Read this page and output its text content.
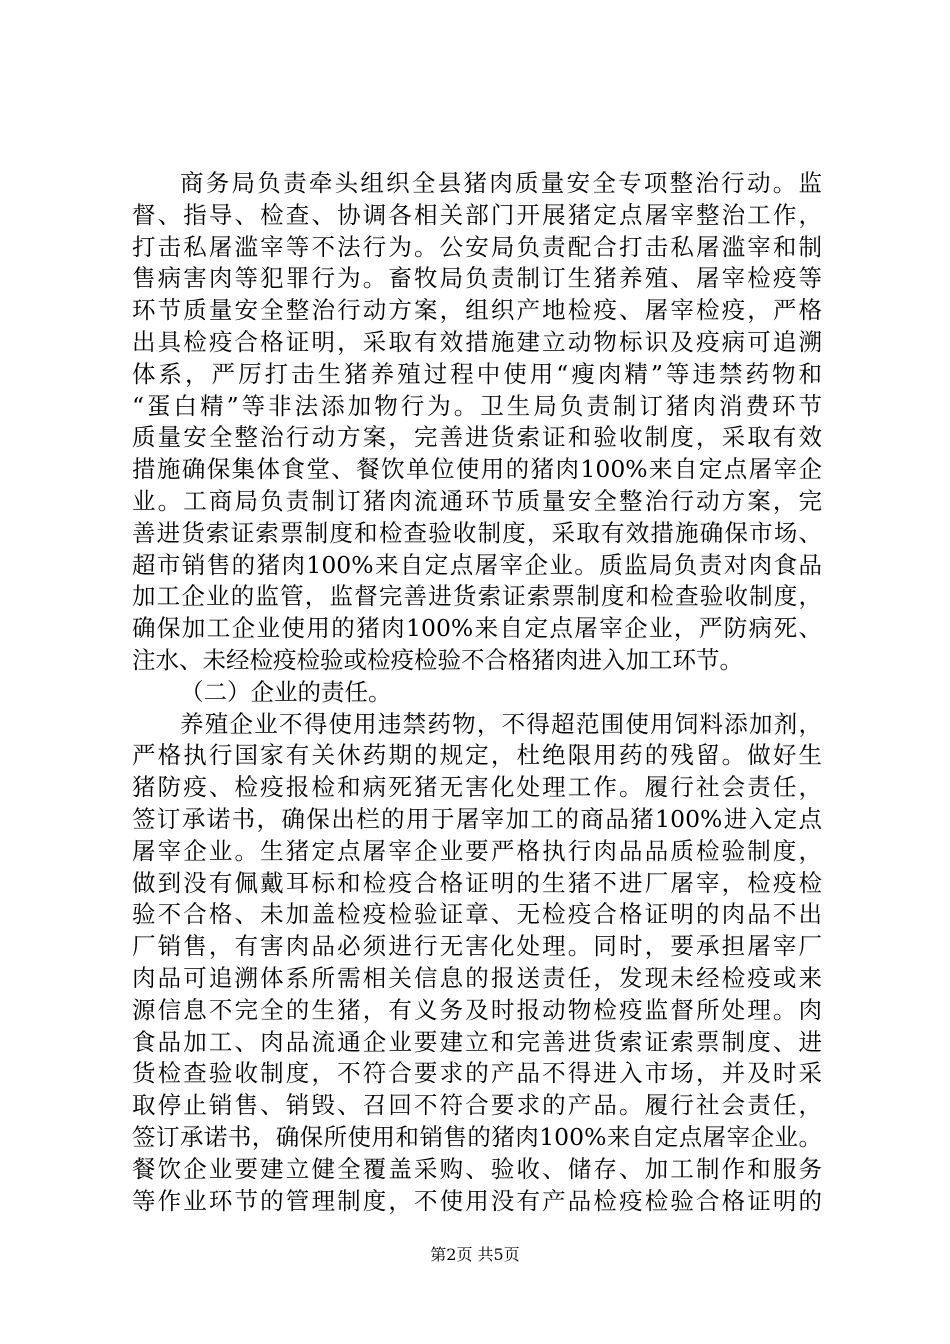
商务局负责牵头组织全县猪肉质量安全专项整治行动。监
督、指导、检查、协调各相关部门开展猪定点屠宰整治工作，
打击私屠滥宰等不法行为。公安局负责配合打击私屠滥宰和制
售病害肉等犯罪行为。畜牧局负责制订生猪养殖、屠宰检疫等
环节质量安全整治行动方案，组织产地检疫、屠宰检疫，严格
出具检疫合格证明，采取有效措施建立动物标识及疫病可追溯
体系，严厉打击生猪养殖过程中使用“瘦肉精”等违禁药物和
“蛋白精”等非法添加物行为。卫生局负责制订猪肉消费环节
质量安全整治行动方案，完善进货索证和验收制度，采取有效
措施确保集体食堂、餐饮单位使用的猪肉100%来自定点屠宰企
业。工商局负责制订猪肉流通环节质量安全整治行动方案，完
善进货索证索票制度和检查验收制度，采取有效措施确保市场、
超市销售的猪肉100%来自定点屠宰企业。质监局负责对肉食品
加工企业的监管，监督完善进货索证索票制度和检查验收制度，
确保加工企业使用的猪肉100%来自定点屠宰企业，严防病死、
注水、未经检疫检验或检疫检验不合格猪肉进入加工环节。
（二）企业的责任。
养殖企业不得使用违禁药物，不得超范围使用饲料添加剂，
严格执行国家有关休药期的规定，杜绝限用药的残留。做好生
猪防疫、检疫报检和病死猪无害化处理工作。履行社会责任，
签订承诺书，确保出栏的用于屠宰加工的商品猪100%进入定点
屠宰企业。生猪定点屠宰企业要严格执行肉品品质检验制度，
做到没有佩戴耳标和检疫合格证明的生猪不进厂屠宰，检疫检
验不合格、未加盖检疫检验证章、无检疫合格证明的肉品不出
厂销售，有害肉品必须进行无害化处理。同时，要承担屠宰厂
肉品可追溯体系所需相关信息的报送责任，发现未经检疫或来
源信息不完全的生猪，有义务及时报动物检疫监督所处理。肉
食品加工、肉品流通企业要建立和完善进货索证索票制度、进
货检查验收制度，不符合要求的产品不得进入市场，并及时采
取停止销售、销毁、召回不符合要求的产品。履行社会责任，
签订承诺书，确保所使用和销售的猪肉100%来自定点屠宰企业。
餐饮企业要建立健全覆盖采购、验收、储存、加工制作和服务
等作业环节的管理制度，不使用没有产品检疫检验合格证明的
第2页 共5页
